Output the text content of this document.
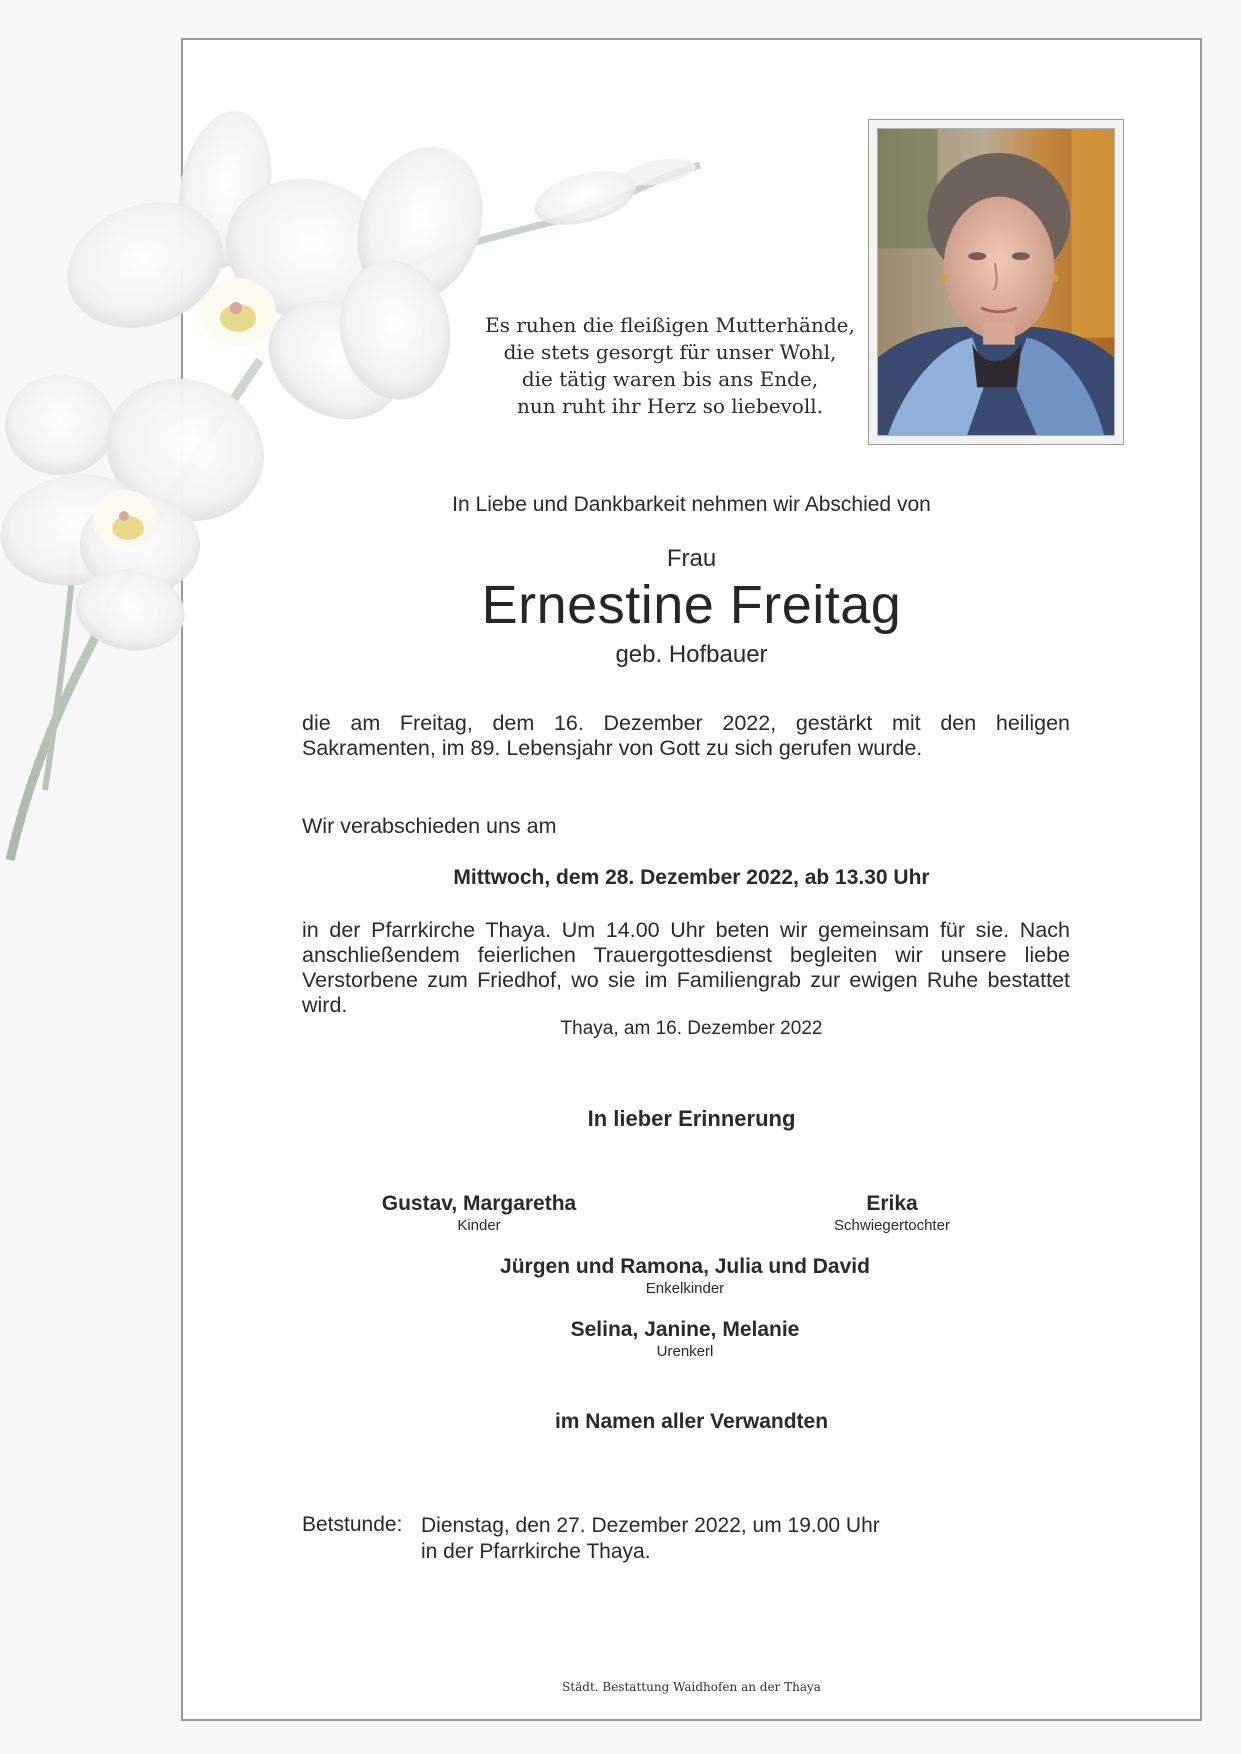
Es ruhen die fleißigen Mutterhände,
die stets gesorgt für unser Wohl,
die tätig waren bis ans Ende,
nun ruht ihr Herz so liebevoll.
In Liebe und Dankbarkeit nehmen wir Abschied von
Frau
Ernestine Freitag
geb. Hofbauer
die am Freitag, dem 16. Dezember 2022, gestärkt mit den heiligen
Sakramenten, im 89. Lebensjahr von Gott zu sich gerufen wurde.
Wir verabschieden uns am
Mittwoch, dem 28. Dezember 2022, ab 13.30 Uhr
in der Pfarrkirche Thaya. Um 14.00 Uhr beten wir gemeinsam für sie. Nach
anschließendem feierlichen Trauergottesdienst begleiten wir unsere liebe
Verstorbene zum Friedhof, wo sie im Familiengrab zur ewigen Ruhe bestattet
wird.
Thaya, am 16. Dezember 2022
In lieber Erinnerung
Gustav, Margaretha
Kinder
Erika
Schwiegertochter
Jürgen und Ramona, Julia und David
Enkelkinder
Selina, Janine, Melanie
Urenkerl
im Namen aller Verwandten
Betstunde: Dienstag, den 27. Dezember 2022, um 19.00 Uhr
in der Pfarrkirche Thaya.
Städt. Bestattung Waidhofen an der Thaya
